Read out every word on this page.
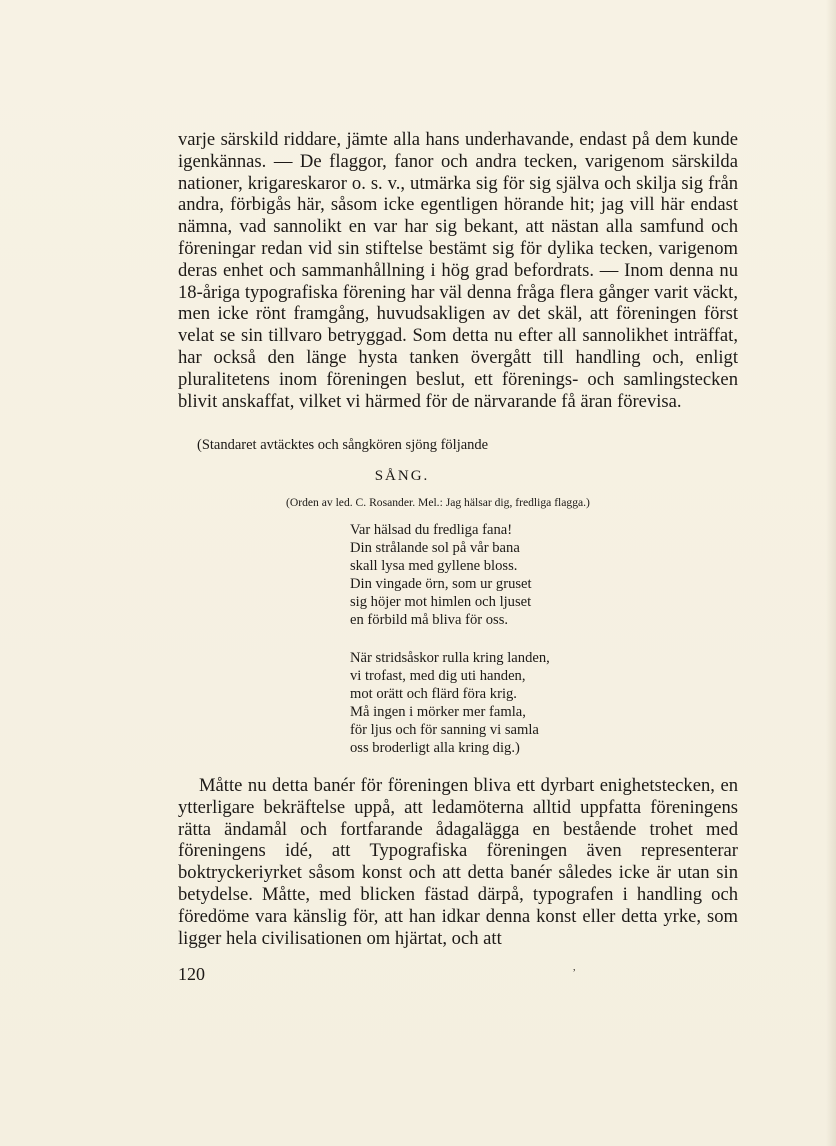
varje särskild riddare, jämte alla hans underhavande, endast på dem kunde igenkännas. — De flaggor, fanor och andra tecken, varigenom särskilda nationer, krigareskaror o. s. v., utmärka sig för sig själva och skilja sig från andra, förbigås här, såsom icke egentligen hörande hit; jag vill här endast nämna, vad sannolikt en var har sig bekant, att nästan alla samfund och föreningar redan vid sin stiftelse bestämt sig för dylika tecken, varigenom deras enhet och sammanhållning i hög grad befordrats. — Inom denna nu 18-åriga typografiska förening har väl denna fråga flera gånger varit väckt, men icke rönt framgång, huvudsakligen av det skäl, att föreningen först velat se sin tillvaro betryggad. Som detta nu efter all sannolikhet inträffat, har också den länge hysta tanken övergått till handling och, enligt pluralitetens inom föreningen beslut, ett förenings- och samlingstecken blivit anskaffat, vilket vi härmed för de närvarande få äran förevisa.

(Standaret avtäcktes och sångkören sjöng följande

SÅNG.

(Orden av led. C. Rosander. Mel.: Jag hälsar dig, fredliga flagga.)

Var hälsad du fredliga fana!
Din strålande sol på vår bana
skall lysa med gyllene bloss.
Din vingade örn, som ur gruset
sig höjer mot himlen och ljuset
en förbild må bliva för oss.
När stridsåskor rulla kring landen,
vi trofast, med dig uti handen,
mot orätt och flärd föra krig.
Må ingen i mörker mer famla,
för ljus och för sanning vi samla
oss broderligt alla kring dig.)

Måtte nu detta banér för föreningen bliva ett dyrbart enighetstecken, en ytterligare bekräftelse uppå, att ledamöterna alltid uppfatta föreningens rätta ändamål och fortfarande ådagalägga en bestående trohet med föreningens idé, att Typografiska föreningen även representerar boktryckeriyrket såsom konst och att detta banér således icke är utan sin betydelse. Måtte, med blicken fästad därpå, typografen i handling och föredöme vara känslig för, att han idkar denna konst eller detta yrke, som ligger hela civilisationen om hjärtat, och att

120	,
